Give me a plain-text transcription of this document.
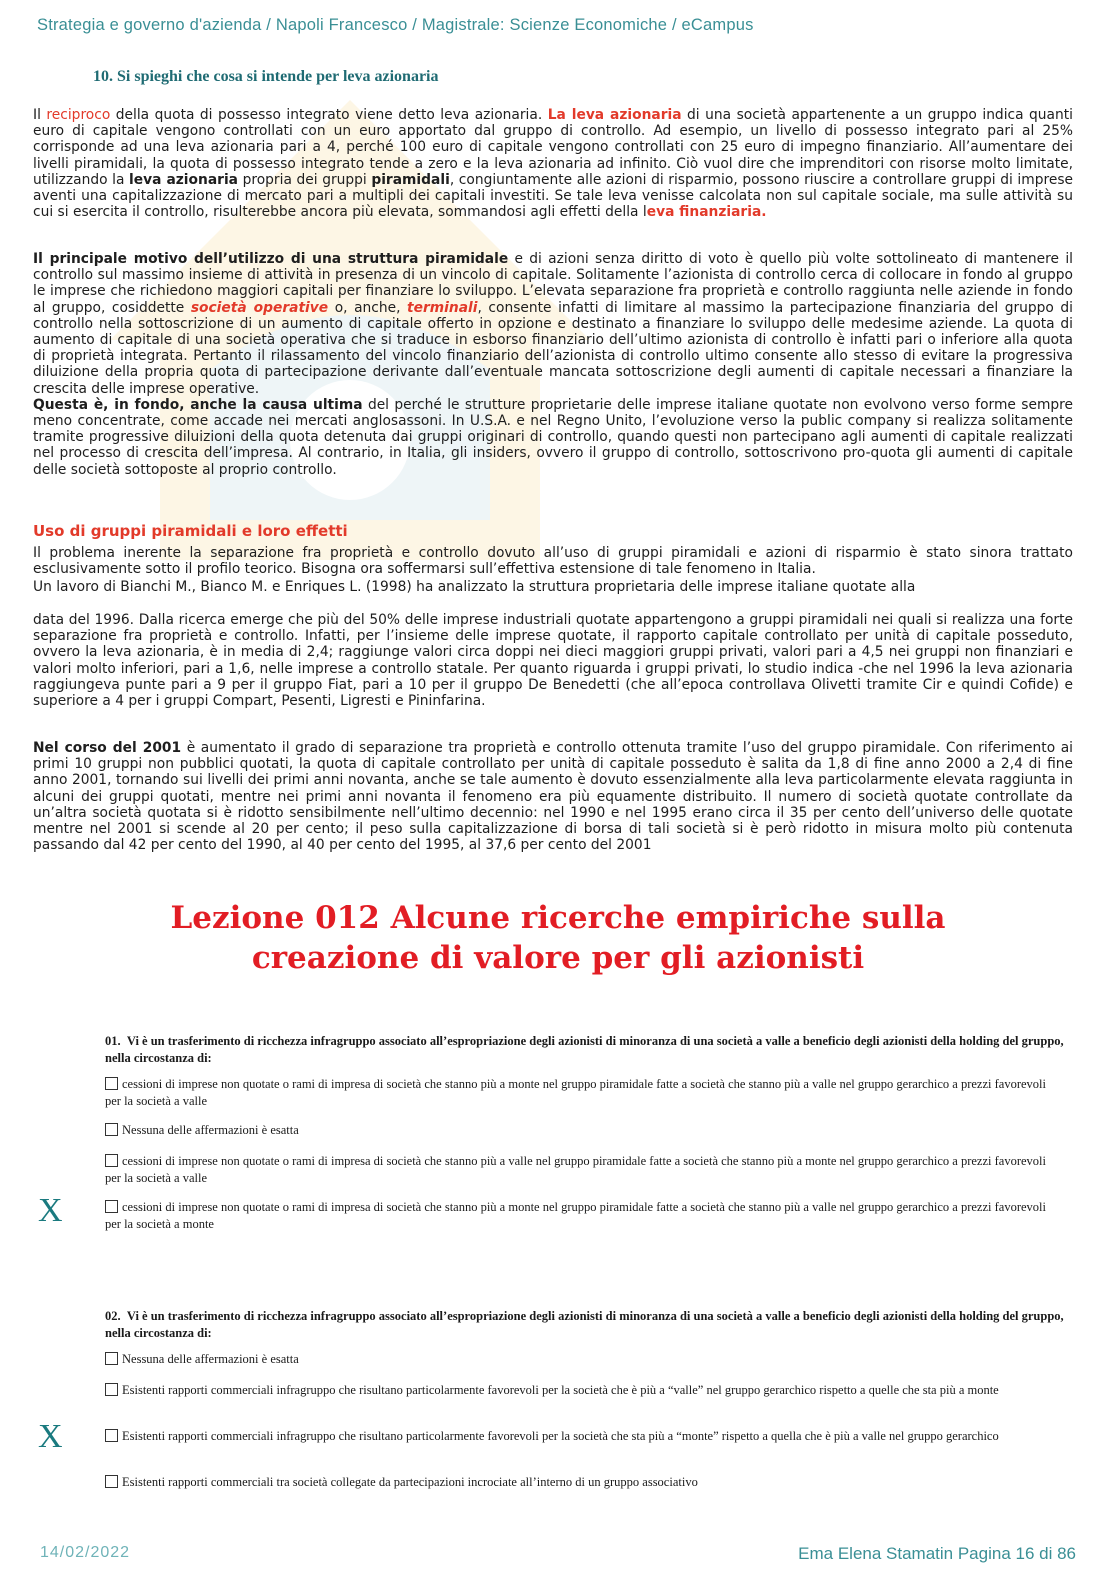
Strategia e governo d'azienda / Napoli Francesco / Magistrale: Scienze Economiche / eCampus
10. Si spieghi che cosa si intende per leva azionaria

Il reciproco della quota di possesso integrato viene detto leva azionaria. La leva azionaria di una società appartenente a un gruppo indica quanti euro di capitale vengono controllati con un euro apportato dal gruppo di controllo. Ad esempio, un livello di possesso integrato pari al 25% corrisponde ad una leva azionaria pari a 4, perché 100 euro di capitale vengono controllati con 25 euro di impegno finanziario. All’aumentare dei livelli piramidali, la quota di possesso integrato tende a zero e la leva azionaria ad infinito. Ciò vuol dire che imprenditori con risorse molto limitate, utilizzando la leva azionaria propria dei gruppi piramidali, congiuntamente alle azioni di risparmio, possono riuscire a controllare gruppi di imprese aventi una capitalizzazione di mercato pari a multipli dei capitali investiti. Se tale leva venisse calcolata non sul capitale sociale, ma sulle attività su cui si esercita il controllo, risulterebbe ancora più elevata, sommandosi agli effetti della leva finanziaria.

Il principale motivo dell’utilizzo di una struttura piramidale e di azioni senza diritto di voto è quello più volte sottolineato di mantenere il controllo sul massimo insieme di attività in presenza di un vincolo di capitale. Solitamente l’azionista di controllo cerca di collocare in fondo al gruppo le imprese che richiedono maggiori capitali per finanziare lo sviluppo. L’elevata separazione fra proprietà e controllo raggiunta nelle aziende in fondo al gruppo, cosiddette società operative o, anche, terminali, consente infatti di limitare al massimo la partecipazione finanziaria del gruppo di controllo nella sottoscrizione di un aumento di capitale offerto in opzione e destinato a finanziare lo sviluppo delle medesime aziende. La quota di aumento di capitale di una società operativa che si traduce in esborso finanziario dell’ultimo azionista di controllo è infatti pari o inferiore alla quota di proprietà integrata. Pertanto il rilassamento del vincolo finanziario dell’azionista di controllo ultimo consente allo stesso di evitare la progressiva diluizione della propria quota di partecipazione derivante dall’eventuale mancata sottoscrizione degli aumenti di capitale necessari a finanziare la crescita delle imprese operative.

Questa è, in fondo, anche la causa ultima del perché le strutture proprietarie delle imprese italiane quotate non evolvono verso forme sempre meno concentrate, come accade nei mercati anglosassoni. In U.S.A. e nel Regno Unito, l’evoluzione verso la public company si realizza solitamente tramite progressive diluizioni della quota detenuta dai gruppi originari di controllo, quando questi non partecipano agli aumenti di capitale realizzati nel processo di crescita dell’impresa. Al contrario, in Italia, gli insiders, ovvero il gruppo di controllo, sottoscrivono pro-quota gli aumenti di capitale delle società sottoposte al proprio controllo.

Uso di gruppi piramidali e loro effetti

Il problema inerente la separazione fra proprietà e controllo dovuto all’uso di gruppi piramidali e azioni di risparmio è stato sinora trattato esclusivamente sotto il profilo teorico. Bisogna ora soffermarsi sull’effettiva estensione di tale fenomeno in Italia.

Un lavoro di Bianchi M., Bianco M. e Enriques L. (1998) ha analizzato la struttura proprietaria delle imprese italiane quotate alla

data del 1996. Dalla ricerca emerge che più del 50% delle imprese industriali quotate appartengono a gruppi piramidali nei quali si realizza una forte separazione fra proprietà e controllo. Infatti, per l’insieme delle imprese quotate, il rapporto capitale controllato per unità di capitale posseduto, ovvero la leva azionaria, è in media di 2,4; raggiunge valori circa doppi nei dieci maggiori gruppi privati, valori pari a 4,5 nei gruppi non finanziari e valori molto inferiori, pari a 1,6, nelle imprese a controllo statale. Per quanto riguarda i gruppi privati, lo studio indica -che nel 1996 la leva azionaria raggiungeva punte pari a 9 per il gruppo Fiat, pari a 10 per il gruppo De Benedetti (che all’epoca controllava Olivetti tramite Cir e quindi Cofide) e superiore a 4 per i gruppi Compart, Pesenti, Ligresti e Pininfarina.

Nel corso del 2001 è aumentato il grado di separazione tra proprietà e controllo ottenuta tramite l’uso del gruppo piramidale. Con riferimento ai primi 10 gruppi non pubblici quotati, la quota di capitale controllato per unità di capitale posseduto è salita da 1,8 di fine anno 2000 a 2,4 di fine anno 2001, tornando sui livelli dei primi anni novanta, anche se tale aumento è dovuto essenzialmente alla leva particolarmente elevata raggiunta in alcuni dei gruppi quotati, mentre nei primi anni novanta il fenomeno era più equamente distribuito. Il numero di società quotate controllate da un’altra società quotata si è ridotto sensibilmente nell’ultimo decennio: nel 1990 e nel 1995 erano circa il 35 per cento dell’universo delle quotate mentre nel 2001 si scende al 20 per cento; il peso sulla capitalizzazione di borsa di tali società si è però ridotto in misura molto più contenuta passando dal 42 per cento del 1990, al 40 per cento del 1995, al 37,6 per cento del 2001

Lezione 012 Alcune ricerche empiriche sulla
creazione di valore per gli azionisti
01. Vi è un trasferimento di ricchezza infragruppo associato all’espropriazione degli azionisti di minoranza di una società a valle a beneficio degli azionisti della holding del gruppo, nella circostanza di:
cessioni di imprese non quotate o rami di impresa di società che stanno più a monte nel gruppo piramidale fatte a società che stanno più a valle nel gruppo gerarchico a prezzi favorevoli per la società a valle
Nessuna delle affermazioni è esatta
cessioni di imprese non quotate o rami di impresa di società che stanno più a valle nel gruppo piramidale fatte a società che stanno più a monte nel gruppo gerarchico a prezzi favorevoli per la società a valle
cessioni di imprese non quotate o rami di impresa di società che stanno più a monte nel gruppo piramidale fatte a società che stanno più a valle nel gruppo gerarchico a prezzi favorevoli per la società a monte
X
02. Vi è un trasferimento di ricchezza infragruppo associato all’espropriazione degli azionisti di minoranza di una società a valle a beneficio degli azionisti della holding del gruppo, nella circostanza di:
Nessuna delle affermazioni è esatta
Esistenti rapporti commerciali infragruppo che risultano particolarmente favorevoli per la società che è più a “valle” nel gruppo gerarchico rispetto a quelle che sta più a monte
Esistenti rapporti commerciali infragruppo che risultano particolarmente favorevoli per la società che sta più a “monte” rispetto a quella che è più a valle nel gruppo gerarchico
Esistenti rapporti commerciali tra società collegate da partecipazioni incrociate all’interno di un gruppo associativo
X
14/02/2022	Ema Elena Stamatin Pagina 16 di 86
